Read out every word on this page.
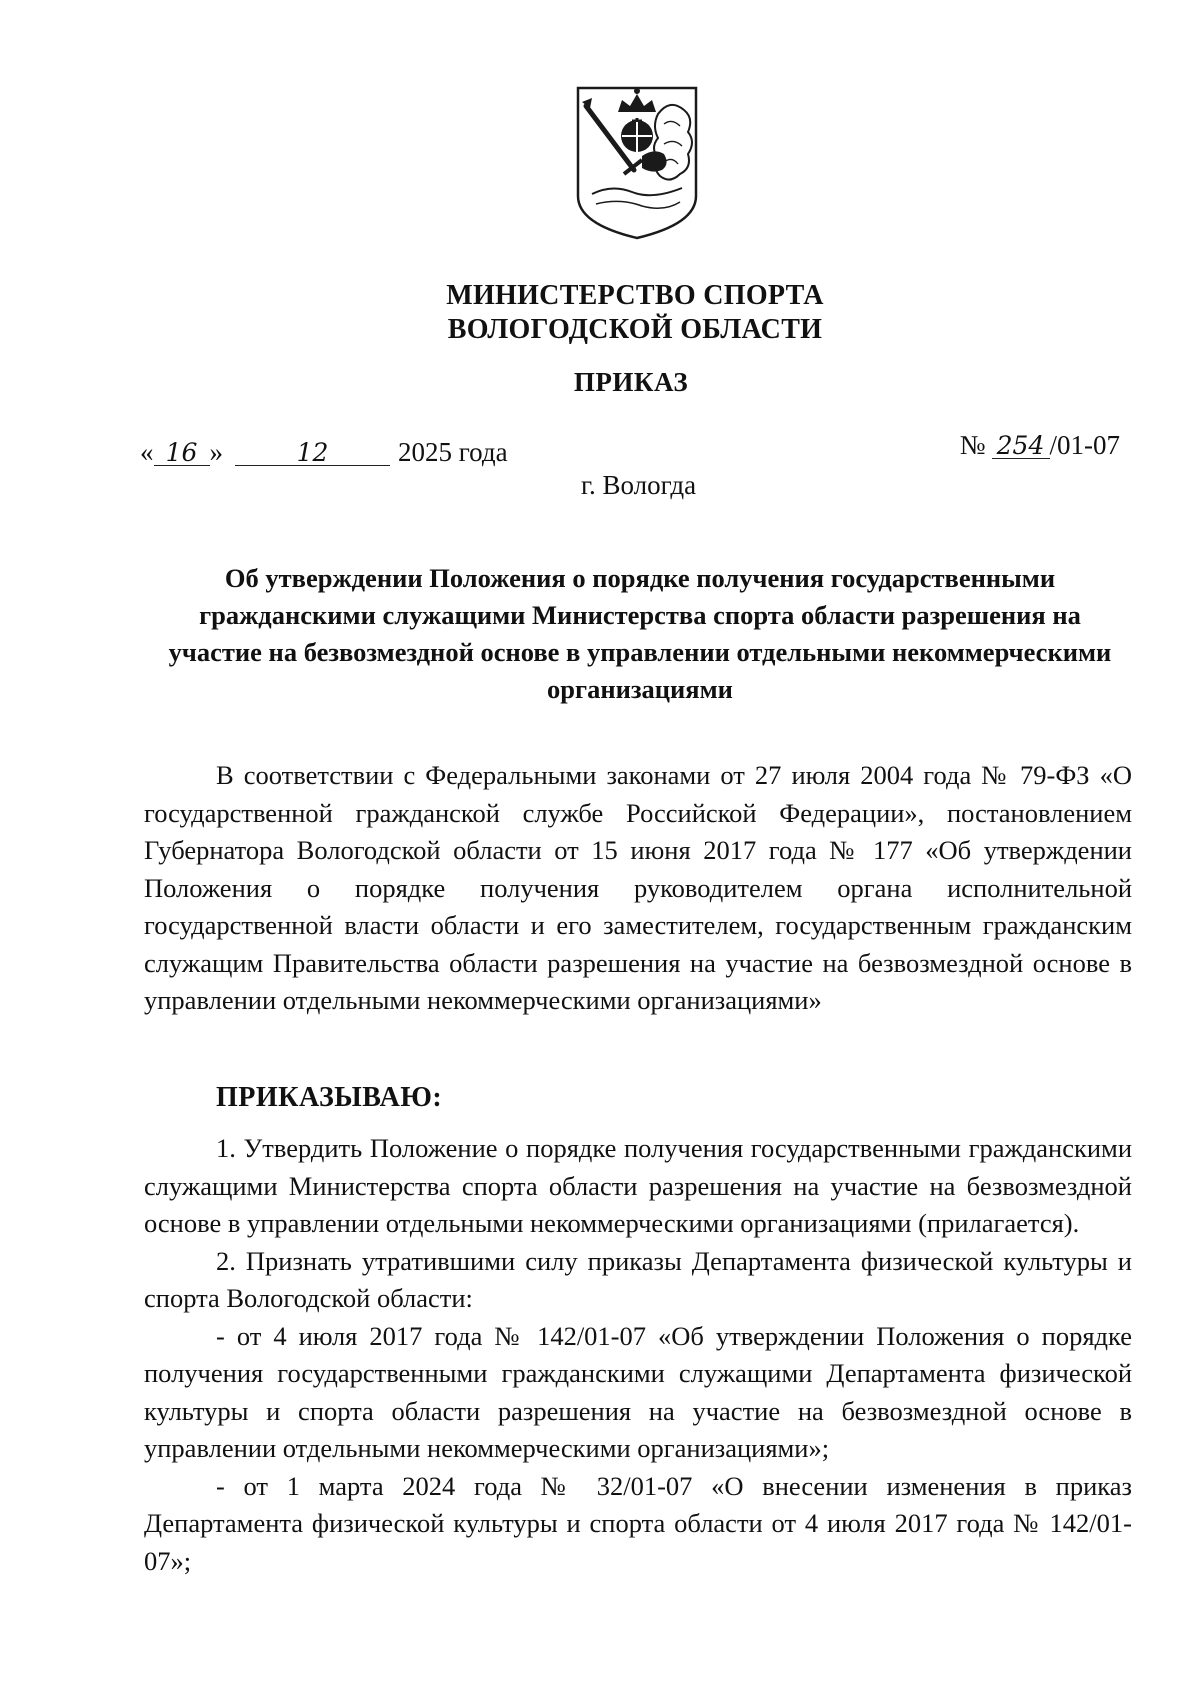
МИНИСТЕРСТВО СПОРТА
ВОЛОГОДСКОЙ ОБЛАСТИ
ПРИКАЗ
« 16 »	12	2025 года	№ 254 /01-07
г. Вологда
Об утверждении Положения о порядке получения государственными гражданскими служащими Министерства спорта области разрешения на участие на безвозмездной основе в управлении отдельными некоммерческими организациями

В соответствии с Федеральными законами от 27 июля 2004 года № 79-ФЗ «О государственной гражданской службе Российской Федерации», постановлением Губернатора Вологодской области от 15 июня 2017 года № 177 «Об утверждении Положения о порядке получения руководителем органа исполнительной государственной власти области и его заместителем, государственным гражданским служащим Правительства области разрешения на участие на безвозмездной основе в управлении отдельными некоммерческими организациями»

ПРИКАЗЫВАЮ:

1. Утвердить Положение о порядке получения государственными гражданскими служащими Министерства спорта области разрешения на участие на безвозмездной основе в управлении отдельными некоммерческими организациями (прилагается).

2. Признать утратившими силу приказы Департамента физической культуры и спорта Вологодской области:

- от 4 июля 2017 года № 142/01-07 «Об утверждении Положения о порядке получения государственными гражданскими служащими Департамента физической культуры и спорта области разрешения на участие на безвозмездной основе в управлении отдельными некоммерческими организациями»;

- от 1 марта 2024 года № 32/01-07 «О внесении изменения в приказ Департамента физической культуры и спорта области от 4 июля 2017 года № 142/01-07»;
